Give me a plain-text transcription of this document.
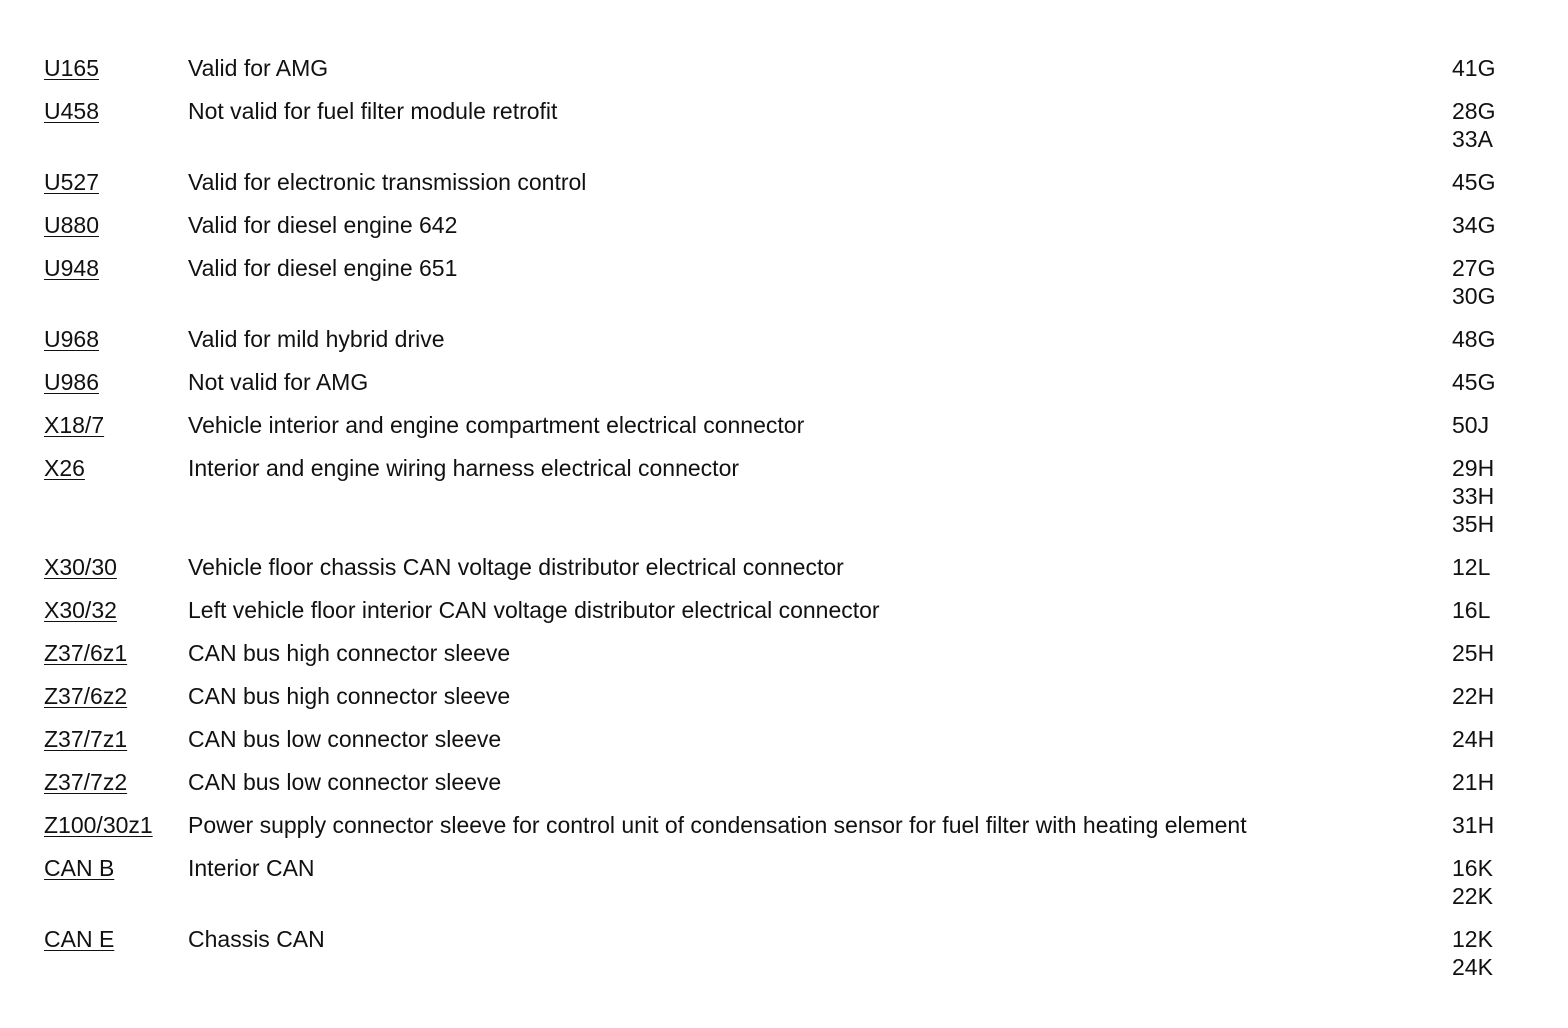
U165	Valid for AMG	41G
U458	Not valid for fuel filter module retrofit	28G
33A
U527	Valid for electronic transmission control	45G
U880	Valid for diesel engine 642	34G
U948	Valid for diesel engine 651	27G
30G
U968	Valid for mild hybrid drive	48G
U986	Not valid for AMG	45G
X18/7	Vehicle interior and engine compartment electrical connector	50J
X26	Interior and engine wiring harness electrical connector	29H
33H
35H
X30/30	Vehicle floor chassis CAN voltage distributor electrical connector	12L
X30/32	Left vehicle floor interior CAN voltage distributor electrical connector	16L
Z37/6z1	CAN bus high connector sleeve	25H
Z37/6z2	CAN bus high connector sleeve	22H
Z37/7z1	CAN bus low connector sleeve	24H
Z37/7z2	CAN bus low connector sleeve	21H
Z100/30z1	Power supply connector sleeve for control unit of condensation sensor for fuel filter with heating element	31H
CAN B	Interior CAN	16K
22K
CAN E	Chassis CAN	12K
24K
